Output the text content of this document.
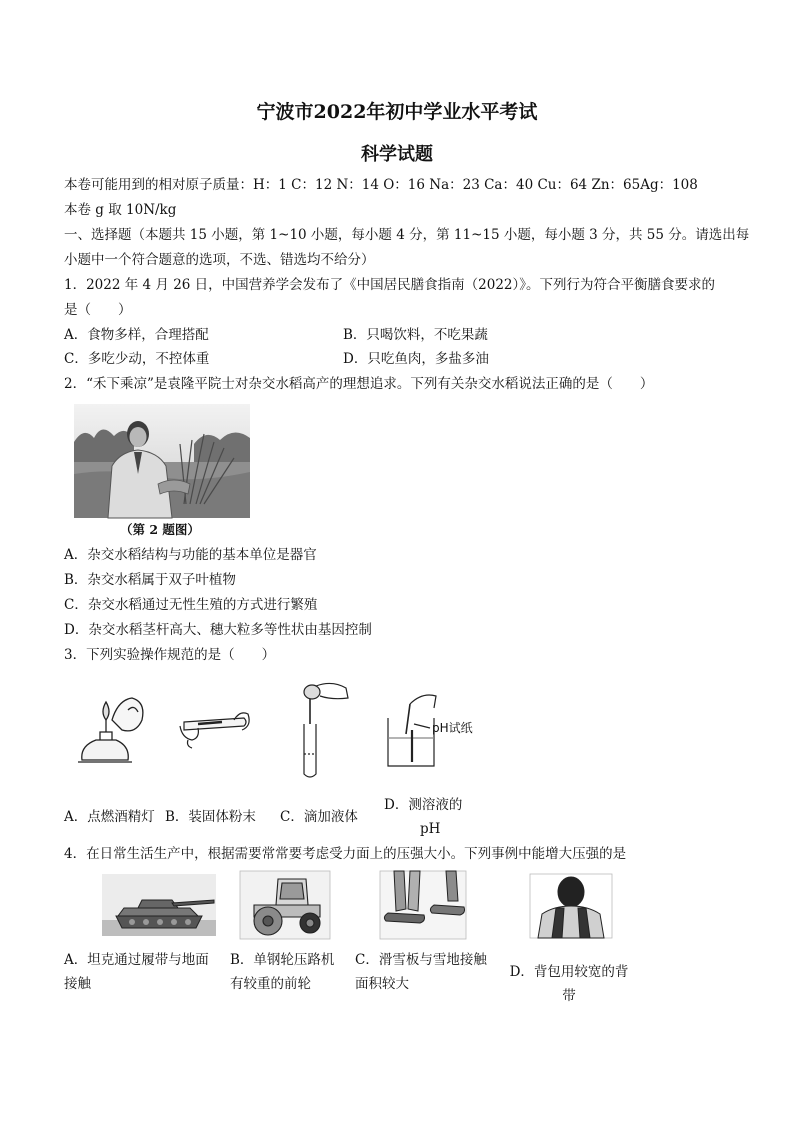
宁波市2022年初中学业水平考试
科学试题
本卷可能用到的相对原子质量：H：1 C：12 N：14 O：16 Na：23 Ca：40 Cu：64 Zn：65Ag：108
本卷 g 取 10N/kg
一、选择题（本题共 15 小题，第 1~10 小题，每小题 4 分，第 11~15 小题，每小题 3 分，共 55 分。请选出每
小题中一个符合题意的选项，不选、错选均不给分）
1．2022 年 4 月 26 日，中国营养学会发布了《中国居民膳食指南（2022）》。下列行为符合平衡膳食要求的
是（　　）
A．食物多样，合理搭配	B．只喝饮料，不吃果蔬
C．多吃少动，不控体重	D．只吃鱼肉，多盐多油
2．“禾下乘凉”是袁隆平院士对杂交水稻高产的理想追求。下列有关杂交水稻说法正确的是（　　）
（第 2 题图）
A．杂交水稻结构与功能的基本单位是器官
B．杂交水稻属于双子叶植物
C．杂交水稻通过无性生殖的方式进行繁殖
D．杂交水稻茎杆高大、穗大粒多等性状由基因控制
3．下列实验操作规范的是（　　）
pH试纸
A．点燃酒精灯 B．装固体粉末 C．滴加液体
D．测溶液的
pH
4．在日常生活生产中，根据需要常常要考虑受力面上的压强大小。下列事例中能增大压强的是
A．坦克通过履带与地面
接触
B．单钢轮压路机
有较重的前轮
C．滑雪板与雪地接触
面积较大
D．背包用较宽的背
带
